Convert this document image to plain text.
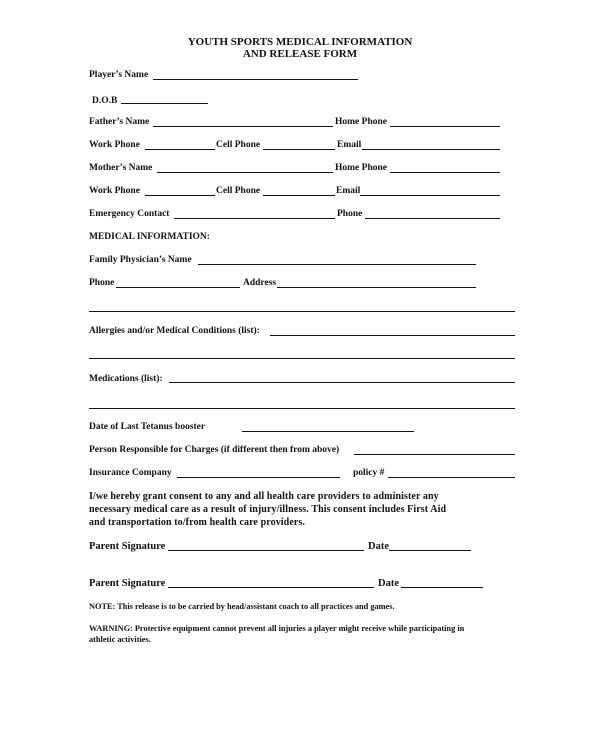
YOUTH SPORTS MEDICAL INFORMATION
AND RELEASE FORM
Player’s Name
D.O.B
Father’s Name	Home Phone
Work Phone	Cell Phone	Email
Mother’s Name	Home Phone
Work Phone	Cell Phone	Email
Emergency Contact	Phone
MEDICAL INFORMATION:
Family Physician’s Name
Phone	Address
Allergies and/or Medical Conditions (list):
Medications (list):
Date of Last Tetanus booster
Person Responsible for Charges (if different then from above)
Insurance Company	policy #
I/we hereby grant consent to any and all health care providers to administer any
necessary medical care as a result of injury/illness. This consent includes First Aid
and transportation to/from health care providers.
Parent Signature	Date
Parent Signature	Date
NOTE: This release is to be carried by head/assistant coach to all practices and games.
WARNING: Protective equipment cannot prevent all injuries a player might receive while participating in
athletic activities.
